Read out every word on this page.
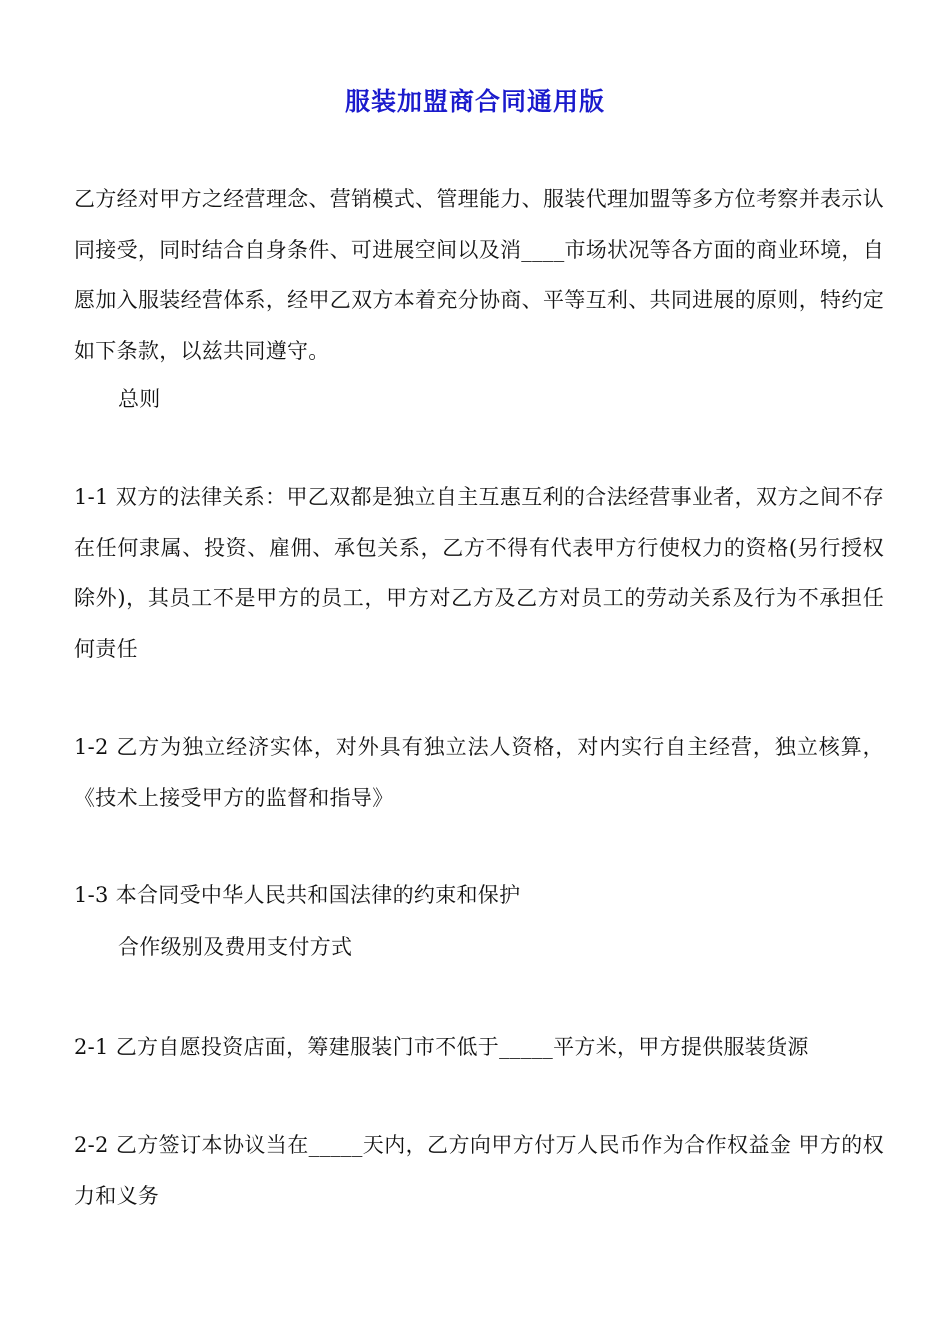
服装加盟商合同通用版
乙方经对甲方之经营理念、营销模式、管理能力、服装代理加盟等多方位考察并表示认同接受，同时结合自身条件、可进展空间以及消____市场状况等各方面的商业环境，自愿加入服装经营体系，经甲乙双方本着充分协商、平等互利、共同进展的原则，特约定如下条款，以兹共同遵守。
总则
1-1 双方的法律关系：甲乙双都是独立自主互惠互利的合法经营事业者，双方之间不存在任何隶属、投资、雇佣、承包关系，乙方不得有代表甲方行使权力的资格(另行授权除外)，其员工不是甲方的员工，甲方对乙方及乙方对员工的劳动关系及行为不承担任何责任
1-2 乙方为独立经济实体，对外具有独立法人资格，对内实行自主经营，独立核算，《技术上接受甲方的监督和指导》
1-3 本合同受中华人民共和国法律的约束和保护
合作级别及费用支付方式
2-1 乙方自愿投资店面，筹建服装门市不低于_____平方米，甲方提供服装货源
2-2 乙方签订本协议当在_____天内，乙方向甲方付万人民币作为合作权益金 甲方的权力和义务
